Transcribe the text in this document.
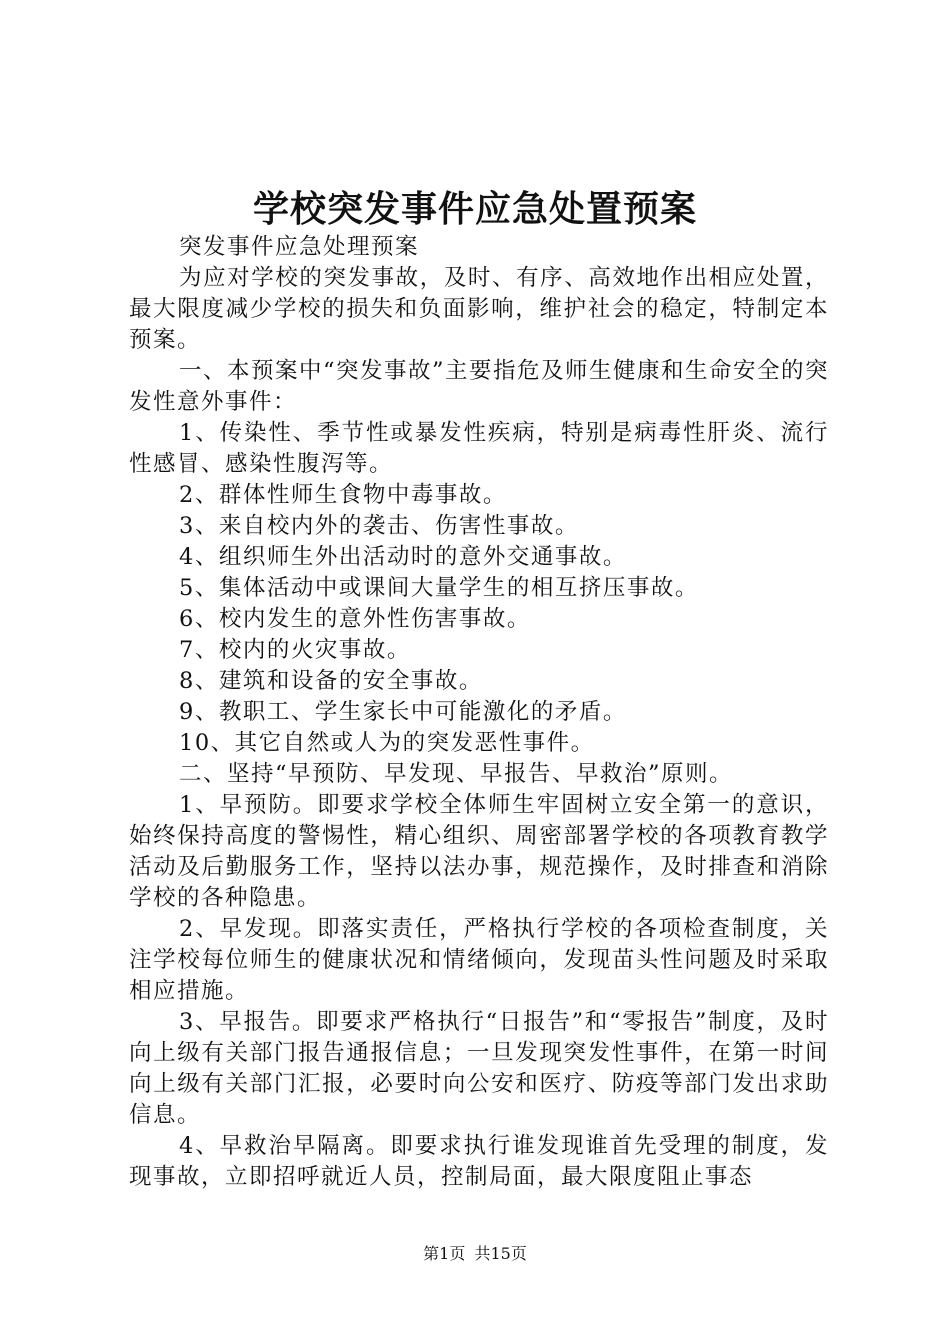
学校突发事件应急处置预案

突发事件应急处理预案

为应对学校的突发事故，及时、有序、高效地作出相应处置，最大限度减少学校的损失和负面影响，维护社会的稳定，特制定本预案。

一、本预案中“突发事故”主要指危及师生健康和生命安全的突发性意外事件：

1、传染性、季节性或暴发性疾病，特别是病毒性肝炎、流行性感冒、感染性腹泻等。

2、群体性师生食物中毒事故。

3、来自校内外的袭击、伤害性事故。

4、组织师生外出活动时的意外交通事故。

5、集体活动中或课间大量学生的相互挤压事故。

6、校内发生的意外性伤害事故。

7、校内的火灾事故。

8、建筑和设备的安全事故。

9、教职工、学生家长中可能激化的矛盾。

10、其它自然或人为的突发恶性事件。

二、坚持“早预防、早发现、早报告、早救治”原则。

1、早预防。即要求学校全体师生牢固树立安全第一的意识，始终保持高度的警惕性，精心组织、周密部署学校的各项教育教学活动及后勤服务工作，坚持以法办事，规范操作，及时排查和消除学校的各种隐患。

2、早发现。即落实责任，严格执行学校的各项检查制度，关注学校每位师生的健康状况和情绪倾向，发现苗头性问题及时采取相应措施。

3、早报告。即要求严格执行“日报告”和“零报告”制度，及时向上级有关部门报告通报信息；一旦发现突发性事件，在第一时间向上级有关部门汇报，必要时向公安和医疗、防疫等部门发出求助信息。

4、早救治早隔离。即要求执行谁发现谁首先受理的制度，发现事故，立即招呼就近人员，控制局面，最大限度阻止事态

第1页 共15页
